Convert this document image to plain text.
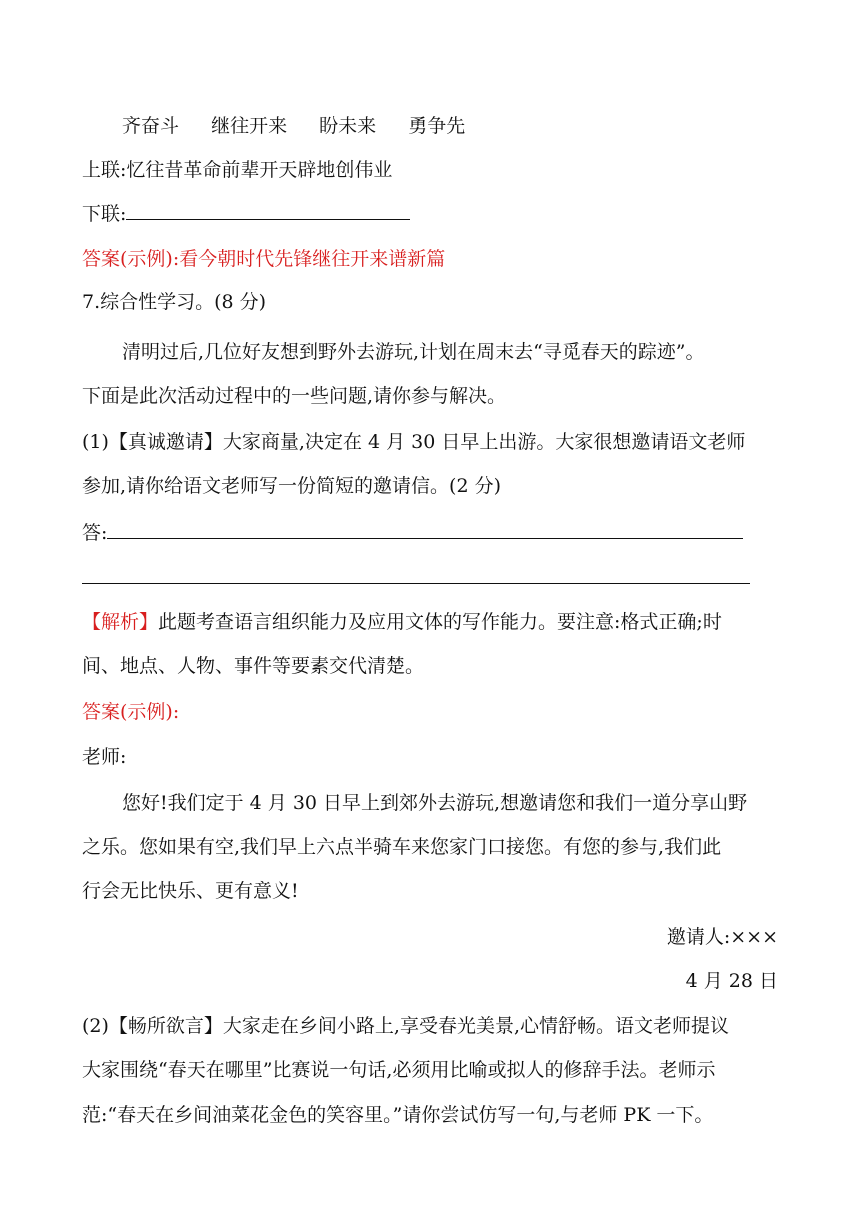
齐奋斗 继往开来 盼未来 勇争先
上联:忆往昔革命前辈开天辟地创伟业
下联:
答案(示例):看今朝时代先锋继往开来谱新篇
7.综合性学习。(8 分)
清明过后,几位好友想到野外去游玩,计划在周末去“寻觅春天的踪迹”。
下面是此次活动过程中的一些问题,请你参与解决。
(1)【真诚邀请】大家商量,决定在 4 月 30 日早上出游。大家很想邀请语文老师
参加,请你给语文老师写一份简短的邀请信。(2 分)
答:
【解析】此题考查语言组织能力及应用文体的写作能力。要注意:格式正确;时
间、地点、人物、事件等要素交代清楚。
答案(示例):
老师:
您好!我们定于 4 月 30 日早上到郊外去游玩,想邀请您和我们一道分享山野
之乐。您如果有空,我们早上六点半骑车来您家门口接您。有您的参与,我们此
行会无比快乐、更有意义!
邀请人:×××
4 月 28 日
(2)【畅所欲言】大家走在乡间小路上,享受春光美景,心情舒畅。语文老师提议
大家围绕“春天在哪里”比赛说一句话,必须用比喻或拟人的修辞手法。老师示
范:“春天在乡间油菜花金色的笑容里。”请你尝试仿写一句,与老师 PK 一下。
